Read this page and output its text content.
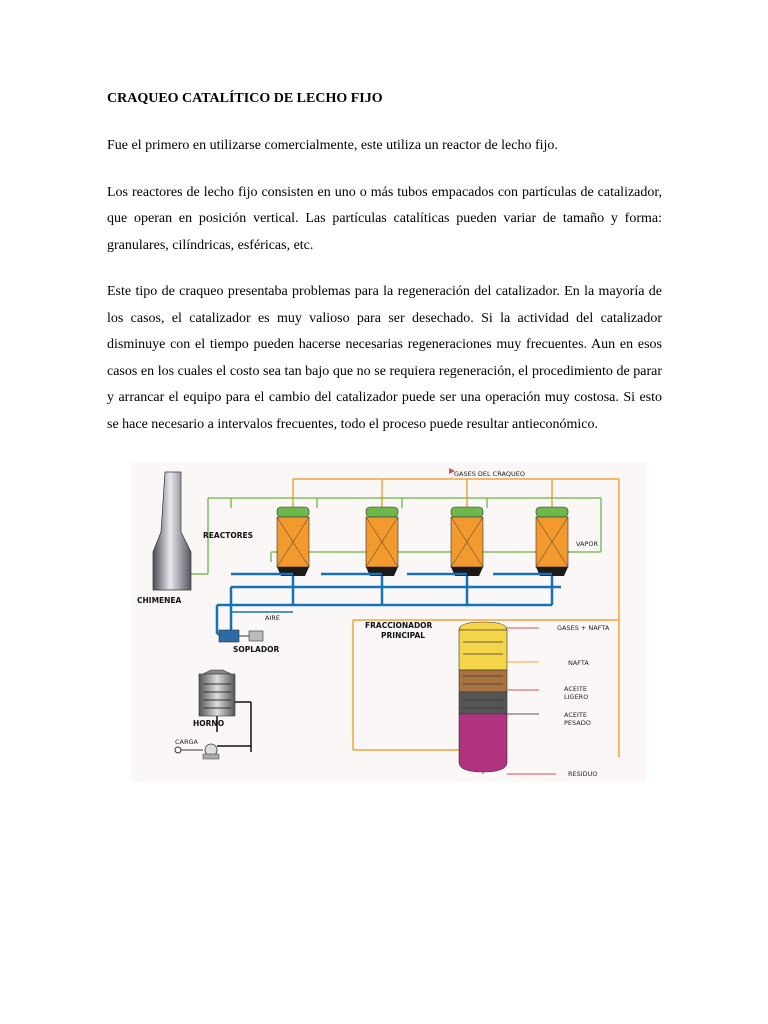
CRAQUEO CATALÍTICO DE LECHO FIJO

Fue el primero en utilizarse comercialmente, este utiliza un reactor de lecho fijo.

Los reactores de lecho fijo consisten en uno o más tubos empacados con partículas de catalizador, que operan en posición vertical. Las partículas catalíticas pueden variar de tamaño y forma: granulares, cilíndricas, esféricas, etc.

Este tipo de craqueo presentaba problemas para la regeneración del catalizador. En la mayoría de los casos, el catalizador es muy valioso para ser desechado. Si la actividad del catalizador disminuye con el tiempo pueden hacerse necesarias regeneraciones muy frecuentes. Aun en esos casos en los cuales el costo sea tan bajo que no se requiera regeneración, el procedimiento de parar y arrancar el equipo para el cambio del catalizador puede ser una operación muy costosa. Si esto se hace necesario a intervalos frecuentes, todo el proceso puede resultar antieconómico.

GASES DEL CRAQUEO
CHIMENEA
REACTORES
VAPOR
AIRE
SOPLADOR
HORNO
CARGA
FRACCIONADOR
PRINCIPAL
GASES + NAFTA
NAFTA
ACEITE
LIGERO
ACEITE
PESADO
RESIDUO
